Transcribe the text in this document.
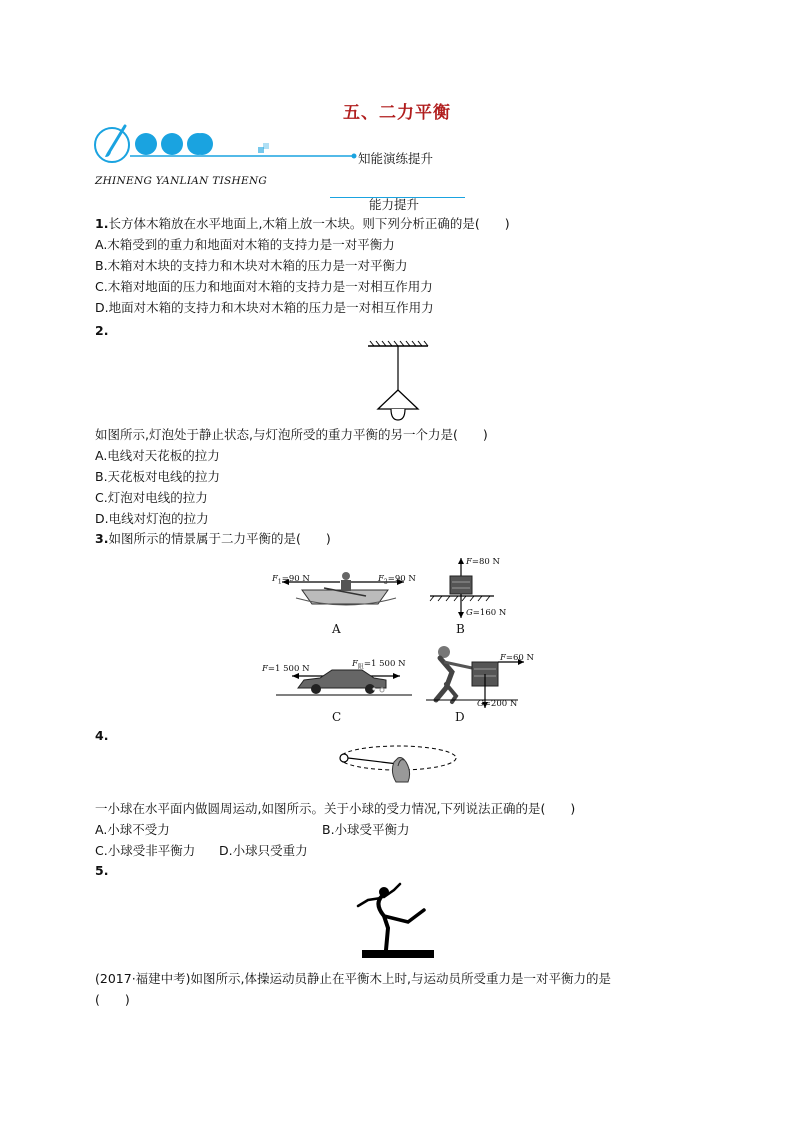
五、二力平衡
知能演练提升
ZHINENG YANLIAN TISHENG
能力提升
1.长方体木箱放在水平地面上,木箱上放一木块。则下列分析正确的是(　　)
A.木箱受到的重力和地面对木箱的支持力是一对平衡力
B.木箱对木块的支持力和木块对木箱的压力是一对平衡力
C.木箱对地面的压力和地面对木箱的支持力是一对相互作用力
D.地面对木箱的支持力和木块对木箱的压力是一对相互作用力
2.
如图所示,灯泡处于静止状态,与灯泡所受的重力平衡的另一个力是(　　)
A.电线对天花板的拉力
B.天花板对电线的拉力
C.灯泡对电线的拉力
D.电线对灯泡的拉力
3.如图所示的情景属于二力平衡的是(　　)
$F_1=90$ N	$F_2=90$ N
A
F=80 N
G=160 N
B
F=1 500 N	$F_阻=1$ 500 N
C
F=60 N
G=200 N
D
4.
一小球在水平面内做圆周运动,如图所示。关于小球的受力情况,下列说法正确的是(　　)
A.小球不受力	B.小球受平衡力
C.小球受非平衡力 D.小球只受重力
5.
(2017·福建中考)如图所示,体操运动员静止在平衡木上时,与运动员所受重力是一对平衡力的是
(　　)
